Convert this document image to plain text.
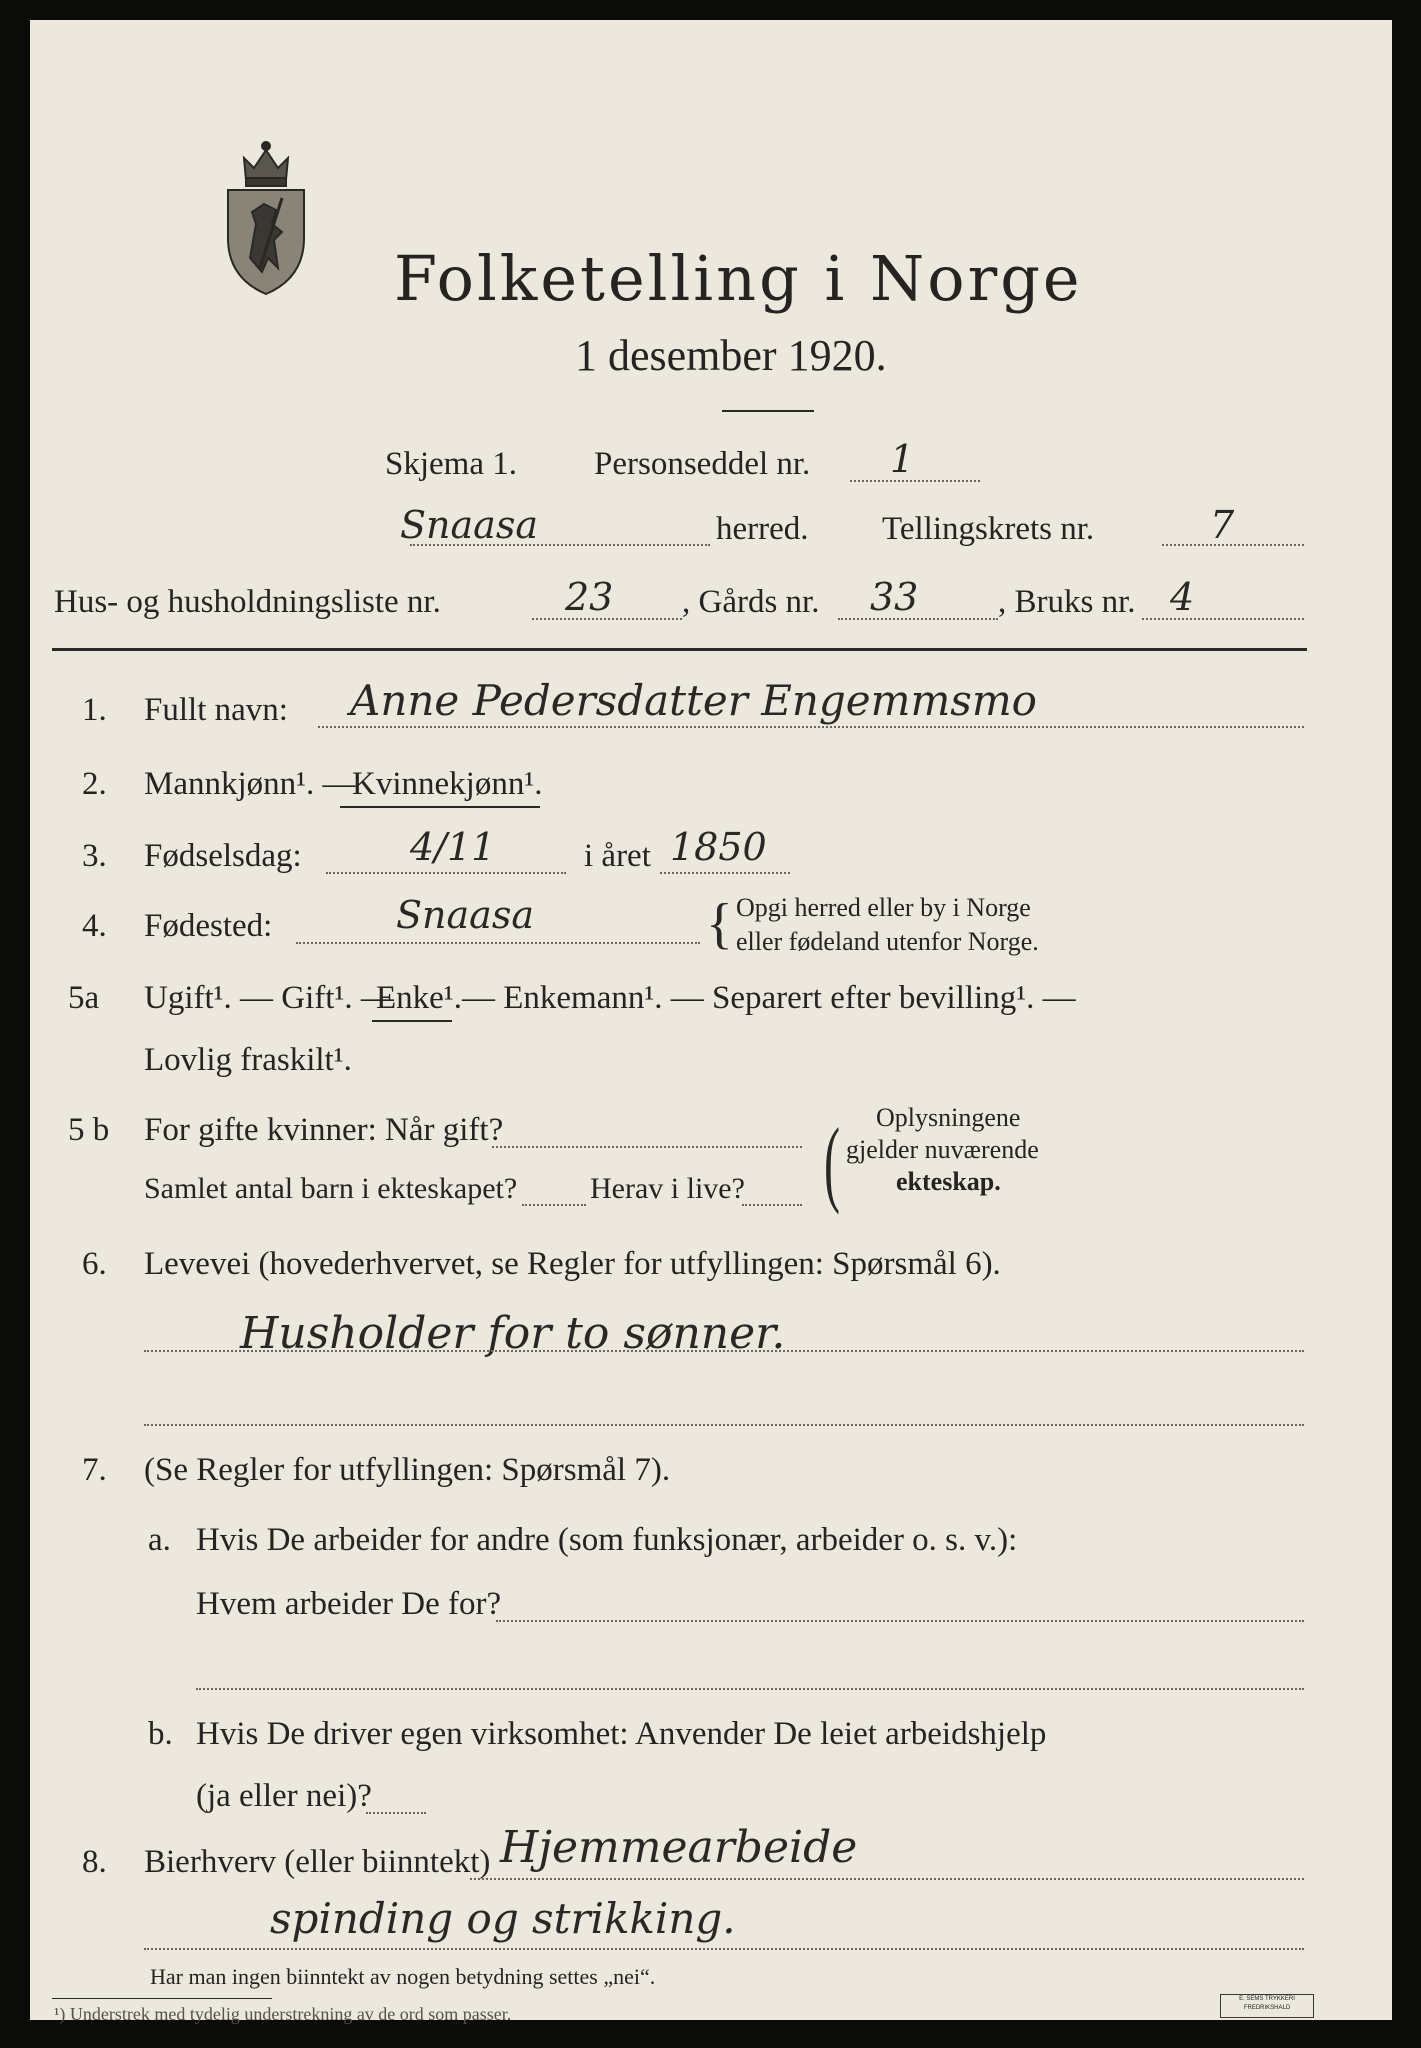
Folketelling i Norge
1 desember 1920.
Skjema 1. Personseddel nr. 1
Snaasa	herred. Tellingskrets nr.	7
Hus- og husholdningsliste nr.	23 , Gårds nr. 33 , Bruks nr. 4
1. Fullt navn: Anne Pedersdatter Engemmsmo
2. Mannkjønn¹. —
Kvinnekjønn¹.
3. Fødselsdag:	4/11	i året 1850
4. Fødested:	Snaasa	{ Opgi herred eller by i Norge
eller fødeland utenfor Norge.
5a Ugift¹. — Gift¹. —
Enke¹. — Enkemann¹. — Separert efter bevilling¹. —
Lovlig fraskilt¹.
5 b For gifte kvinner: Når gift?
Samlet antal barn i ekteskapet? Herav i live? ( Oplysningene
gjelder nuværende
ekteskap.
6. Levevei (hovederhvervet, se Regler for utfyllingen: Spørsmål 6).
Husholder for to sønner.
7. (Se Regler for utfyllingen: Spørsmål 7).
a. Hvis De arbeider for andre (som funksjonær, arbeider o. s. v.):
Hvem arbeider De for?
b. Hvis De driver egen virksomhet: Anvender De leiet arbeidshjelp
(ja eller nei)?
8. Bierhverv (eller biinntekt) Hjemmearbeide
spinding og strikking.
Har man ingen biinntekt av nogen betydning settes „nei“.
¹) Understrek med tydelig understrekning av de ord som passer.
E. SEMS TRYKKERI
FREDRIKSHALD
